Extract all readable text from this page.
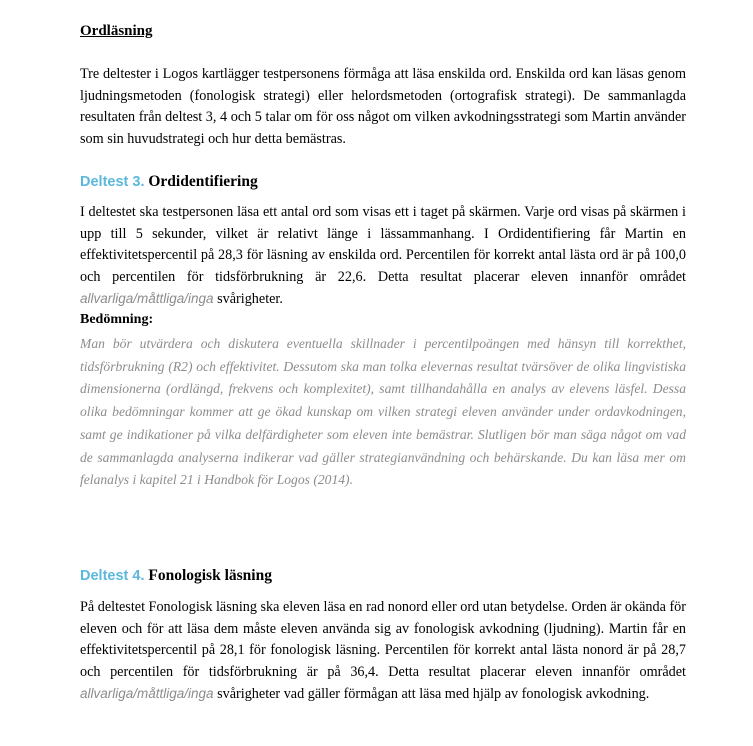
Ordläsning

Tre deltester i Logos kartlägger testpersonens förmåga att läsa enskilda ord. Enskilda ord kan läsas genom ljudningsmetoden (fonologisk strategi) eller helordsmetoden (ortografisk strategi). De sammanlagda resultaten från deltest 3, 4 och 5 talar om för oss något om vilken avkodningsstrategi som Martin använder som sin huvudstrategi och hur detta bemästras.

Deltest 3. Ordidentifiering

I deltestet ska testpersonen läsa ett antal ord som visas ett i taget på skärmen. Varje ord visas på skärmen i upp till 5 sekunder, vilket är relativt länge i lässammanhang. I Ordidentifiering får Martin en effektivitetspercentil på 28,3 för läsning av enskilda ord. Percentilen för korrekt antal lästa ord är på 100,0 och percentilen för tidsförbrukning är 22,6. Detta resultat placerar eleven innanför området allvarliga/måttliga/inga svårigheter.

Bedömning:

Man bör utvärdera och diskutera eventuella skillnader i percentilpoängen med hänsyn till korrekthet, tidsförbrukning (R2) och effektivitet. Dessutom ska man tolka elevernas resultat tvärsöver de olika lingvistiska dimensionerna (ordlängd, frekvens och komplexitet), samt tillhandahålla en analys av elevens läsfel. Dessa olika bedömningar kommer att ge ökad kunskap om vilken strategi eleven använder under ordavkodningen, samt ge indikationer på vilka delfärdigheter som eleven inte bemästrar. Slutligen bör man säga något om vad de sammanlagda analyserna indikerar vad gäller strategianvändning och behärskande. Du kan läsa mer om felanalys i kapitel 21 i Handbok för Logos (2014).

Deltest 4. Fonologisk läsning

På deltestet Fonologisk läsning ska eleven läsa en rad nonord eller ord utan betydelse. Orden är okända för eleven och för att läsa dem måste eleven använda sig av fonologisk avkodning (ljudning). Martin får en effektivitetspercentil på 28,1 för fonologisk läsning. Percentilen för korrekt antal lästa nonord är på 28,7 och percentilen för tidsförbrukning är på 36,4. Detta resultat placerar eleven innanför området allvarliga/måttliga/inga svårigheter vad gäller förmågan att läsa med hjälp av fonologisk avkodning.
